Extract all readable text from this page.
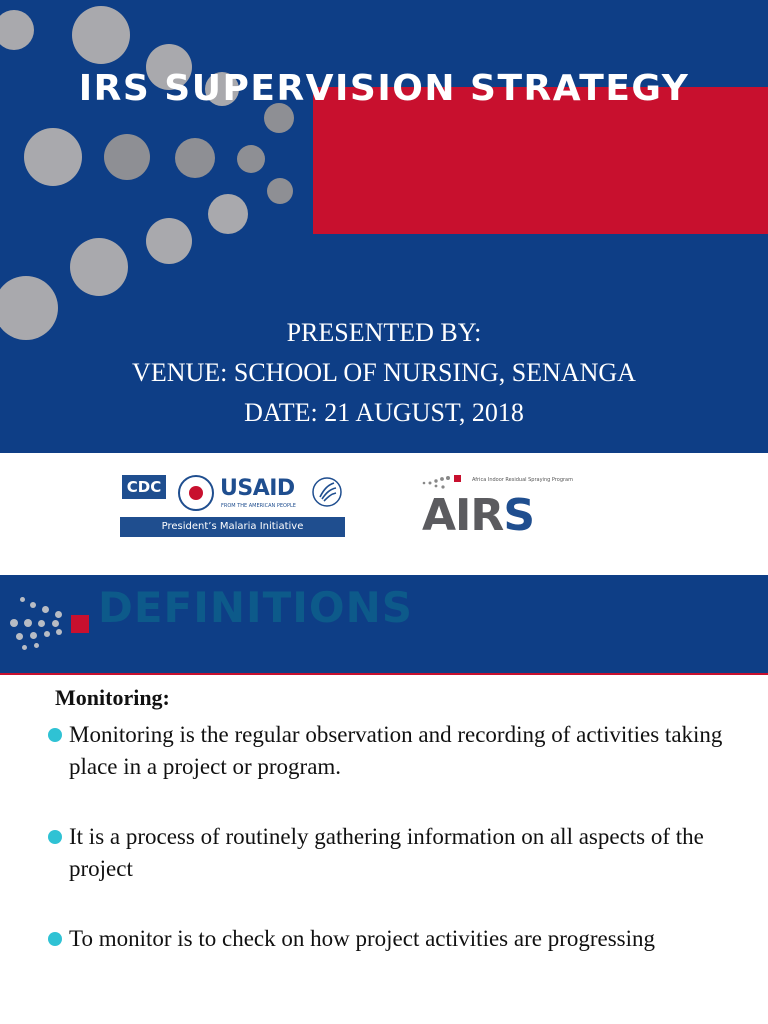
IRS SUPERVISION STRATEGY
PRESENTED BY:
VENUE: SCHOOL OF NURSING, SENANGA
DATE: 21 AUGUST, 2018
CDC	USAID
FROM THE AMERICAN PEOPLE
President’s Malaria Initiative
Africa Indoor Residual Spraying Program
AIRS
DEFINITIONS
Monitoring:
Monitoring is the regular observation and recording of activities taking place in a project or program.
It is a process of routinely gathering information on all aspects of the project
To monitor is to check on how project activities are progressing
